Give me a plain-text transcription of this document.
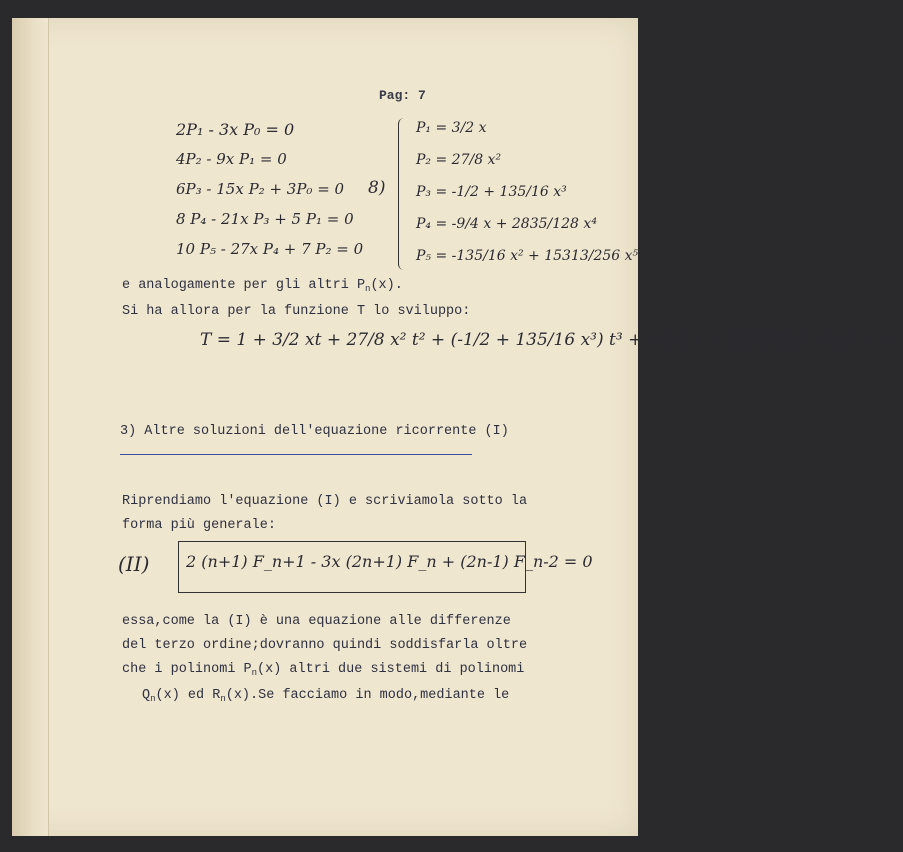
Pag: 7
2P₁ - 3x P₀ = 0
4P₂ - 9x P₁ = 0
6P₃ - 15x P₂ + 3P₀ = 0
8 P₄ - 21x P₃ + 5 P₁ = 0
10 P₅ - 27x P₄ + 7 P₂ = 0
8)
P₁ = 3/2 x
P₂ = 27/8 x²
P₃ = -1/2 + 135/16 x³
P₄ = -9/4 x + 2835/128 x⁴
P₅ = -135/16 x² + 15313/256 x⁵
e analogamente per gli altri $P_n(x)$.
Si ha allora per la funzione T lo sviluppo:
T = 1 + 3/2 xt + 27/8 x² t² + (-1/2 + 135/16 x³) t³ + (-9/4 x + 2835/128 x⁴) t⁴ + ....
3) Altre soluzioni dell'equazione ricorrente (I)
Riprendiamo l'equazione (I) e scriviamola sotto la
forma più generale:
(II) 2 (n+1) F_n+1 - 3x (2n+1) F_n + (2n-1) F_n-2 = 0
essa,come la (I) è una equazione alle differenze
del terzo ordine;dovranno quindi soddisfarla oltre
che i polinomi $P_n(x)$ altri due sistemi di polinomi
$Q_n(x)$ ed $R_n(x).Se$ facciamo in modo,mediante le
